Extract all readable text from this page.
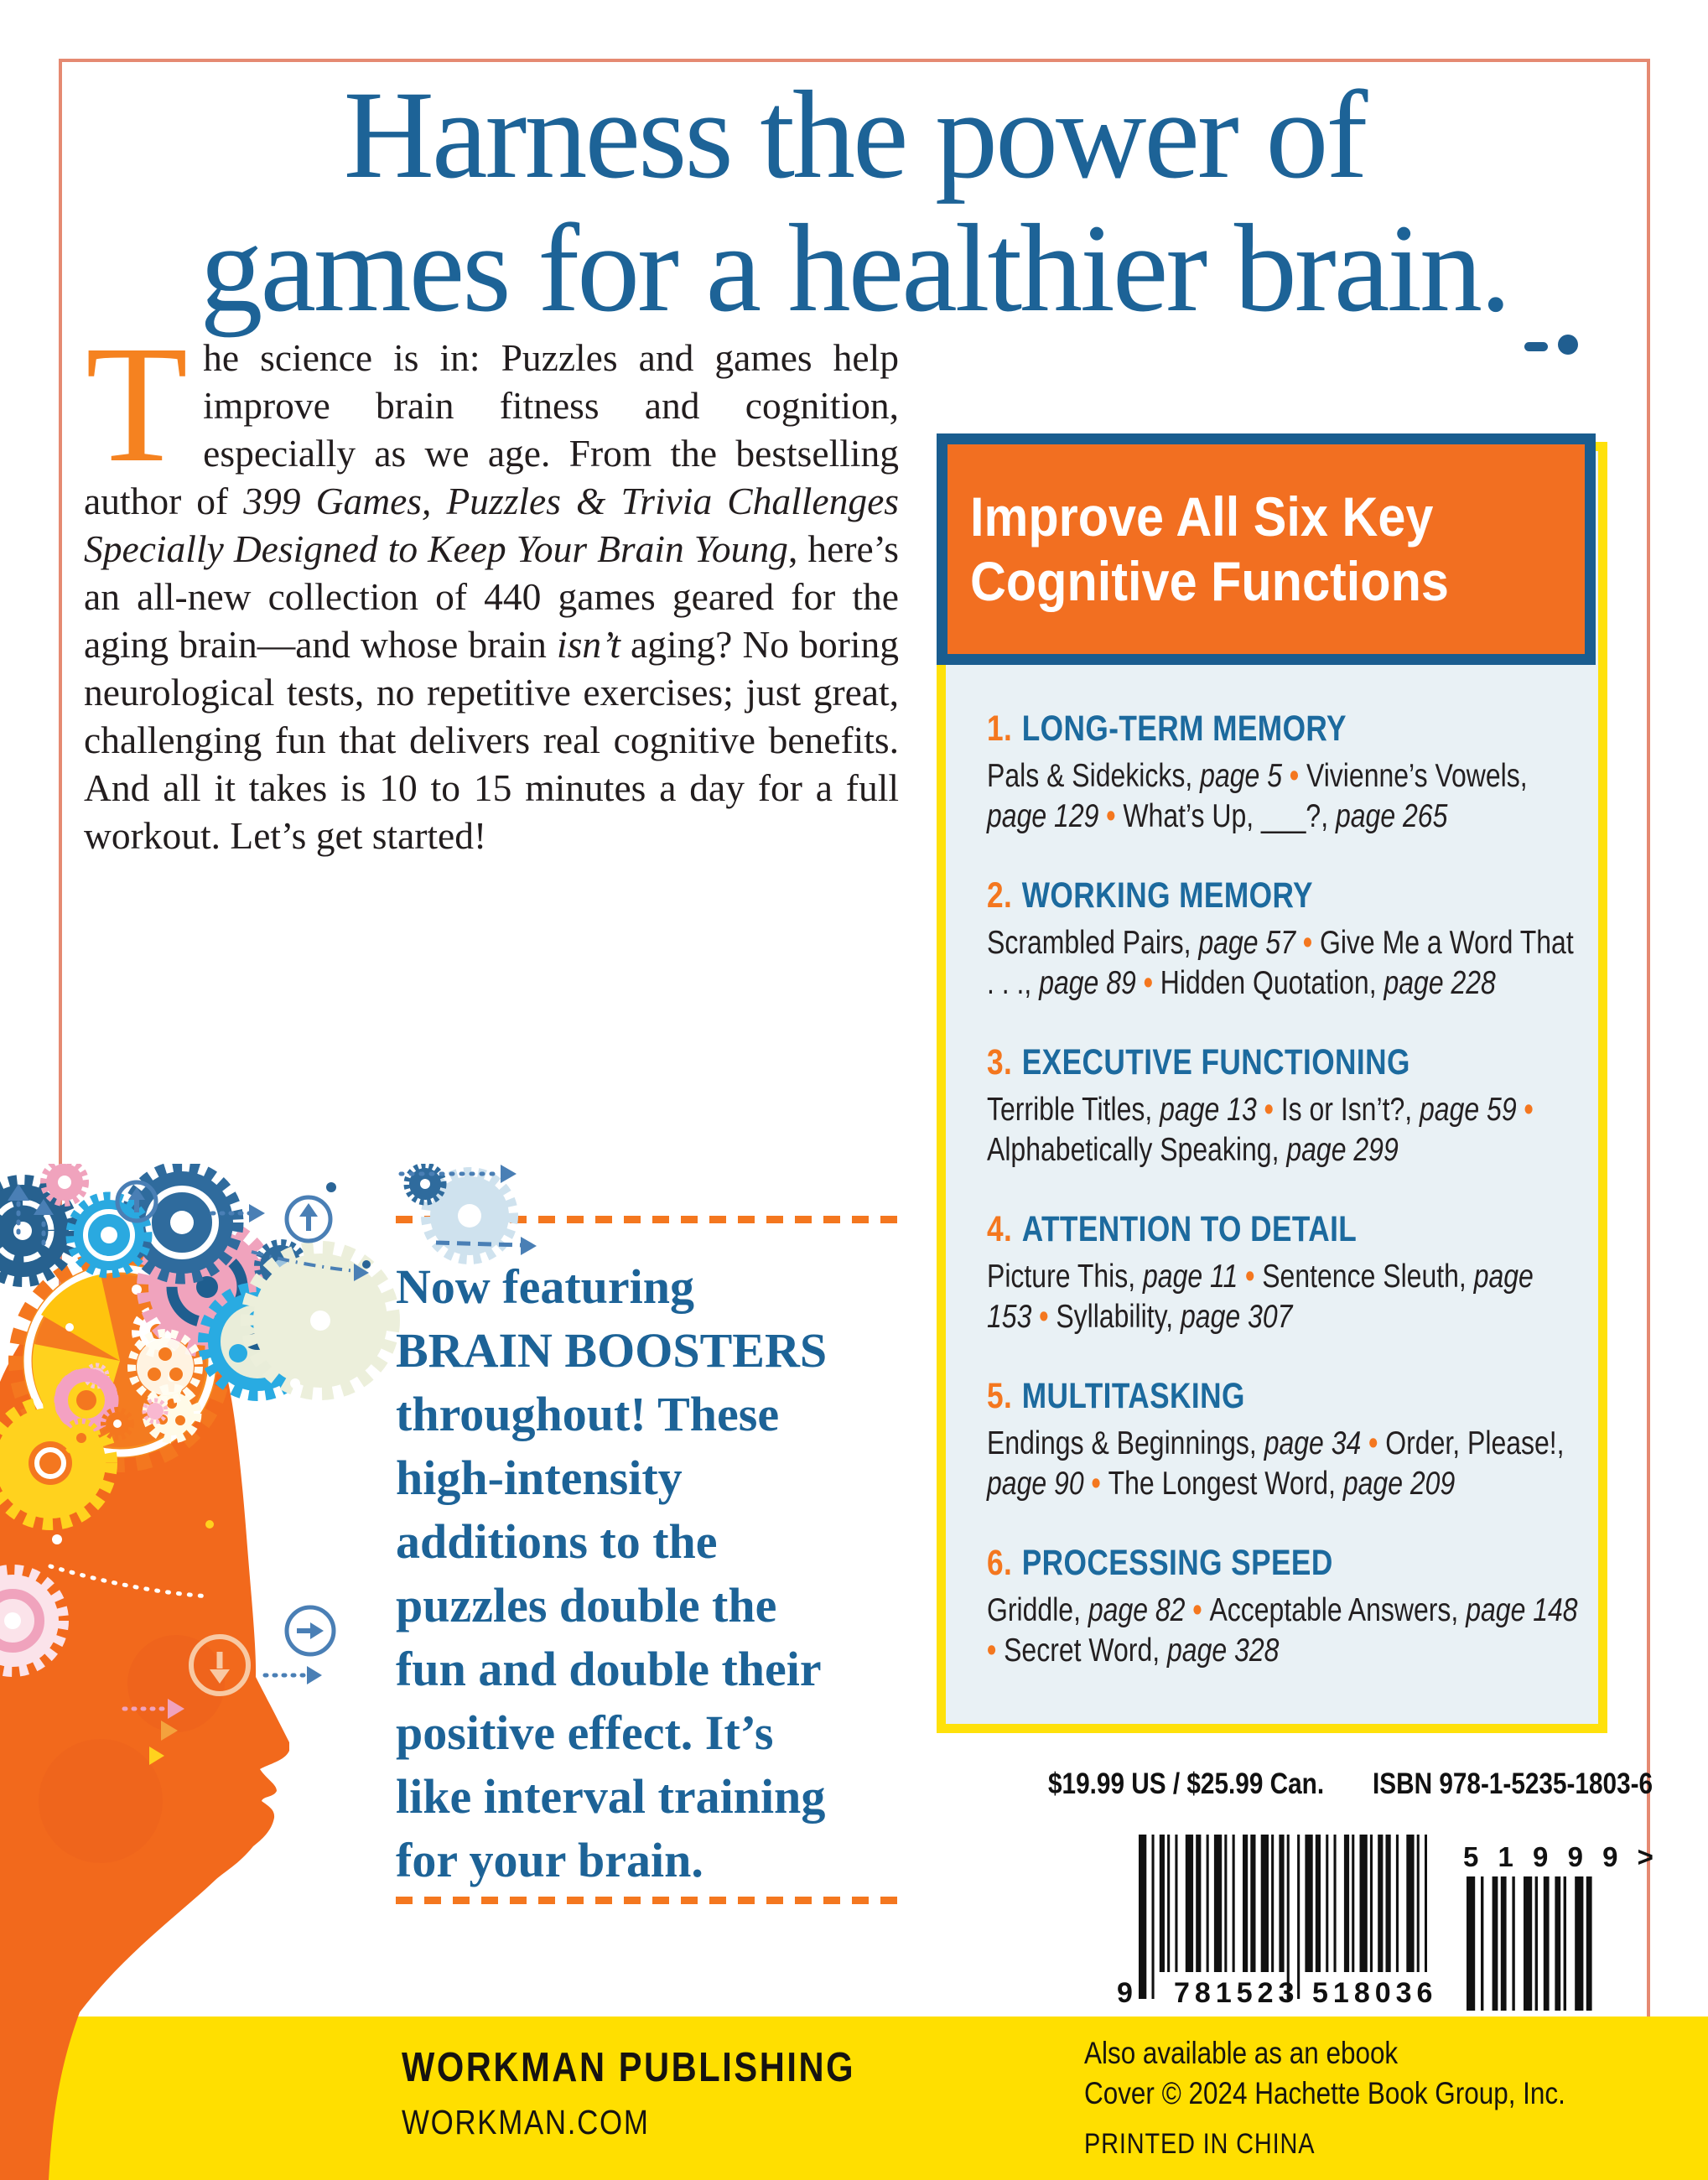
Harness the power of
games for a healthier brain.
The science is in: Puzzles and games help improve brain fitness and cognition, especially as we age. From the bestselling author of 399 Games, Puzzles & Trivia Challenges Specially Designed to Keep Your Brain Young, here’s an all-new collection of 440 games geared for the aging brain—and whose brain isn’t aging? No boring neurological tests, no repetitive exercises; just great, challenging fun that delivers real cognitive benefits. And all it takes is 10 to 15 minutes a day for a full workout. Let’s get started!
Now featuring
BRAIN BOOSTERS
throughout! These
high-intensity
additions to the
puzzles double the
fun and double their
positive effect. It’s
like interval training
for your brain.
Improve All Six Key
Cognitive Functions
1. LONG-TERM MEMORY
Pals & Sidekicks, page 5 • Vivienne’s Vowels, page 129 • What’s Up, ___?, page 265
2. WORKING MEMORY
Scrambled Pairs, page 57 • Give Me a Word That . . ., page 89 • Hidden Quotation, page 228
3. EXECUTIVE FUNCTIONING
Terrible Titles, page 13 • Is or Isn’t?, page 59 • Alphabetically Speaking, page 299
4. ATTENTION TO DETAIL
Picture This, page 11 • Sentence Sleuth, page 153 • Syllability, page 307
5. MULTITASKING
Endings & Beginnings, page 34 • Order, Please!, page 90 • The Longest Word, page 209
6. PROCESSING SPEED
Griddle, page 82 • Acceptable Answers, page 148 • Secret Word, page 328
$19.99 US / $25.99 Can. ISBN 978-1-5235-1803-6
9 781523 518036
5 1 9 9 9 >
WORKMAN PUBLISHING
WORKMAN.COM
Also available as an ebook
Cover © 2024 Hachette Book Group, Inc.
PRINTED IN CHINA
